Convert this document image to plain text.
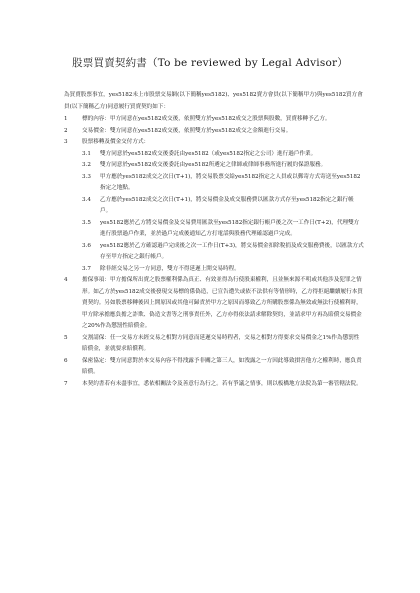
股票買賣契約書（To be reviewed by Legal Advisor）
為買賣股票事宜，yes5182未上市股票交易網(以下簡稱yes5182)、yes5182賣方會員(以下簡稱甲方)與yes5182買方會員(以下簡稱乙方)同意履行買賣契約如下：
1	標的內容：甲方同意在yes5182成交後，依照雙方於yes5182成交之股票與股數，買賣移轉予乙方。
2	交易價金：雙方同意在yes5182成交後，依照雙方於yes5182成交之金額進行交易。
3	股票移轉及價金交付方式：
3.1	雙方同意於yes5182成交後委託由yes5182（或yes5182指定之公司）進行過戶作業。
3.2	雙方同意於yes5182成交後委託由yes5182所遴定之律師或律師事務所進行履約保證服務。
3.3	甲方應於yes5182成交之次日(T+1)，將交易股票交給yes5182指定之人員或以郵寄方式寄送至yes5182指定之地點。
3.4	乙方應於yes5182成交之次日(T+1)，將交易價金及成交服務費以匯款方式存至yes5182指定之銀行帳戶。
3.5	yes5182應於乙方將交易價金及交易費用匯款至yes5182指定銀行帳戶後之次一工作日(T+2)，代理雙方進行股票過戶作業，並於過戶完成後通知乙方打電話與股務代理確認過戶完成。
3.6	yes5182應於乙方確認過戶完成後之次一工作日(T+3)，將交易價金扣除稅捐及成交服務費後，以匯款方式存至甲方指定之銀行帳戶。
3.7	除非經交易之另一方同意，雙方不得延遲上開交易時程。
4	擔保事項：甲方擔保所出賣之股票權利係為真正、有效並得為行使股東權利，且並無來源不明或其他涉及犯罪之情形。如乙方於yes5182成交後發現交易標的係偽造，已宣告遭失或依不法供有等情形時，乙方得拒絕繼續履行本買賣契約。另如股票移轉後因上開原因或其他可歸責於甲方之原因而導致乙方所購股票係為無效或無法行使權利時，甲方除承擔應負擔之詐欺、偽造文書等之刑事責任外，乙方亦得依法請求解除契約，並請求甲方再為賠償交易價金之20%作為懲罰性賠償金。
5	交割請保：任一交易方未經交易之相對方同意而延遲交易時程者，交易之相對方得要求交易價金之1%作為懲罰性賠償金，並就要求賠償利。
6	保密協定：雙方同意對於本交易內容不得洩露予非關之第三人，如洩露之一方因此導致損害他方之權利時，應負責賠償。
7	本契約書若有未盡事宜，悉依相關法令及善意行為行之。若有爭議之情事，則以板橋地方法院為第一審管轄法院。
